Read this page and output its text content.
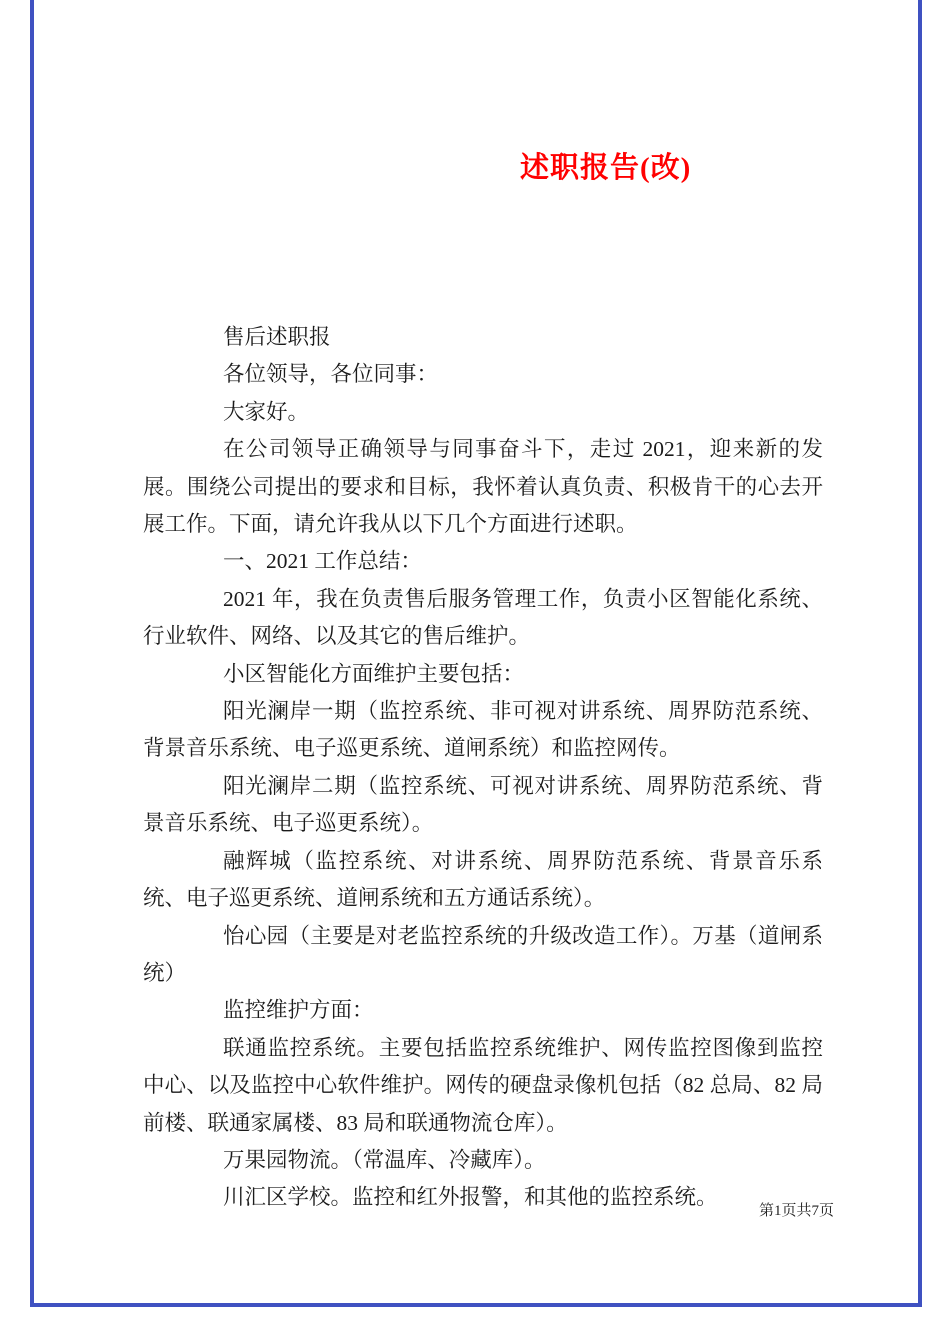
述职报告(改)

售后述职报

各位领导，各位同事：

大家好。

在公司领导正确领导与同事奋斗下，走过 2021，迎来新的发展。围绕公司提出的要求和目标，我怀着认真负责、积极肯干的心去开展工作。下面，请允许我从以下几个方面进行述职。

一、2021 工作总结：

2021 年，我在负责售后服务管理工作，负责小区智能化系统、行业软件、网络、以及其它的售后维护。

小区智能化方面维护主要包括：

阳光澜岸一期（监控系统、非可视对讲系统、周界防范系统、背景音乐系统、电子巡更系统、道闸系统）和监控网传。

阳光澜岸二期（监控系统、可视对讲系统、周界防范系统、背景音乐系统、电子巡更系统）。

融辉城（监控系统、对讲系统、周界防范系统、背景音乐系统、电子巡更系统、道闸系统和五方通话系统）。

怡心园（主要是对老监控系统的升级改造工作）。万基（道闸系统）

监控维护方面：

联通监控系统。主要包括监控系统维护、网传监控图像到监控中心、以及监控中心软件维护。网传的硬盘录像机包括（82 总局、82 局前楼、联通家属楼、83 局和联通物流仓库）。

万果园物流。（常温库、冷藏库）。

川汇区学校。监控和红外报警，和其他的监控系统。

第1页共7页
